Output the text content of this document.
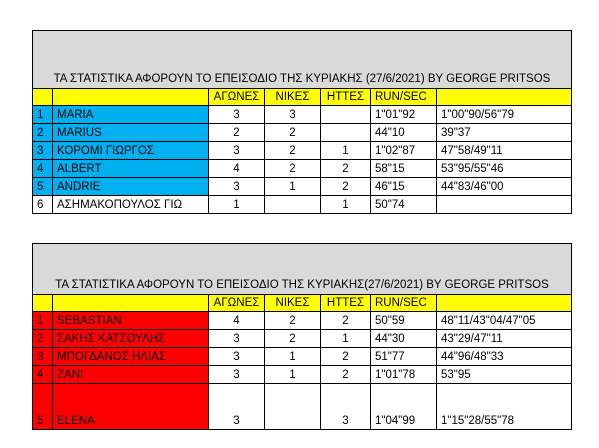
ΤΑ ΣΤΑΤΙΣΤΙΚΑ ΑΦΟΡΟΥΝ ΤΟ ΕΠΕΙΣΟΔΙΟ ΤΗΣ ΚΥΡΙΑΚΗΣ (27/6/2021) BY GEORGE PRITSOS						
		ΑΓΩΝΕΣ	ΝΙΚΕΣ	ΗΤΤΕΣ	RUN/SEC	
1	MARIA	3	3		1"01"92	1"00"90/56"79
2	MARIUS	2	2		44"10	39"37
3	ΚΟΡΟΜΙ ΓΙΩΡΓΟΣ	3	2	1	1"02"87	47"58/49"11
4	ALBERT	4	2	2	58"15	53"95/55"46
5	ANDRIE	3	1	2	46"15	44"83/46"00
6	ΑΣΗΜΑΚΟΠΟΥΛΟΣ ΓΙΩ	1		1	50"74	
ΤΑ ΣΤΑΤΙΣΤΙΚΑ ΑΦΟΡΟΥΝ ΤΟ ΕΠΕΙΣΟΔΙΟ ΤΗΣ ΚΥΡΙΑΚΗΣ(27/6/2021) BY GEORGE PRITSOS						
		ΑΓΩΝΕΣ	ΝΙΚΕΣ	ΗΤΤΕΣ	RUN/SEC	
1	SEBASTIAN	4	2	2	50"59	48"11/43"04/47"05
2	ΣΑΚΗΣ ΚΑΤΣΟΥΛΗΣ	3	2	1	44"30	43"29/47"11
3	ΜΠΟΓΔΑΝΟΣ ΗΛΙΑΣ	3	1	2	51"77	44"96/48"33
4	ZANI	3	1	2	1"01"78	53"95
5	ELENA	3		3	1"04"99	1"15"28/55"78
